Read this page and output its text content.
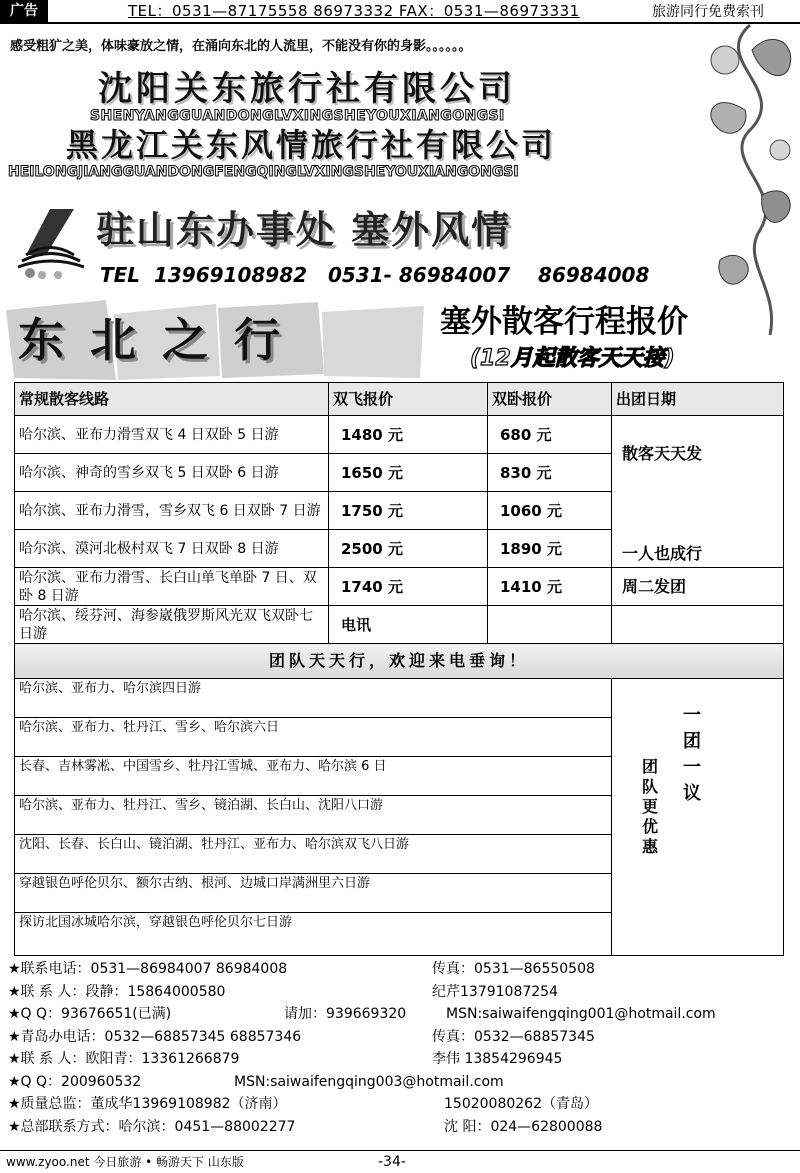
广告	TEL：0531—87175558 86973332 FAX：0531—86973331	旅游同行免费索刊
感受粗犷之美，体味豪放之情，在涌向东北的人流里，不能没有你的身影。。。。。。
沈阳关东旅行社有限公司
SHENYANGGUANDONGLVXINGSHEYOUXIANGONGSI
黑龙江关东风情旅行社有限公司
HEILONGJIANGGUANDONGFENGQINGLVXINGSHEYOUXIANGONGSI
驻山东办事处 塞外风情
TEL  13969108982   0531- 86984007    86984008
东北之行	塞外散客行程报价
(12月起散客天天接)
常规散客线路	双飞报价	双卧报价	出团日期
哈尔滨、亚布力滑雪双飞 4 日双卧 5 日游	1480 元	680 元	散客天天发
哈尔滨、神奇的雪乡双飞 5 日双卧 6 日游	1650 元	830 元	
哈尔滨、亚布力滑雪，雪乡双飞 6 日双卧 7 日游	1750 元	1060 元	一人也成行
哈尔滨、漠河北极村双飞 7 日双卧 8 日游	2500 元	1890 元	
哈尔滨、亚布力滑雪、长白山单飞单卧 7 日、双卧 8 日游	1740 元	1410 元	周二发团
哈尔滨、绥芬河、海参崴俄罗斯风光双飞双卧七日游	电讯		
团队天天行，欢迎来电垂询！			
哈尔滨、亚布力、哈尔滨四日游			一团一议
团队更优惠

哈尔滨、亚布力、牡丹江、雪乡、哈尔滨六日			
长春、吉林雾凇、中国雪乡、牡丹江雪城、亚布力、哈尔滨 6 日			
哈尔滨、亚布力、牡丹江、雪乡、镜泊湖、长白山、沈阳八口游			
沈阳、长春、长白山、镜泊湖、牡丹江、亚布力、哈尔滨双飞八日游			
穿越银色呼伦贝尔、额尔古纳、根河、边城口岸满洲里六日游			
探访北国冰城哈尔滨，穿越银色呼伦贝尔七日游			
★联系电话：0531—86984007 86984008	传真：0531—86550508
★联 系 人：段静：15864000580	纪芹13791087254
★Q Q：93676651(已满)	请加：939669320	MSN:saiwaifengqing001@hotmail.com
★青岛办电话：0532—68857345 68857346	传真：0532—68857345
★联 系 人：欧阳青：13361266879	李伟 13854296945
★Q Q：200960532	MSN:saiwaifengqing003@hotmail.com
★质量总监：董成华13969108982（济南）	15020080262（青岛）
★总部联系方式：哈尔滨：0451—88002277	沈 阳：024—62800088
www.zyoo.net 今日旅游 • 畅游天下 山东版	-34-
